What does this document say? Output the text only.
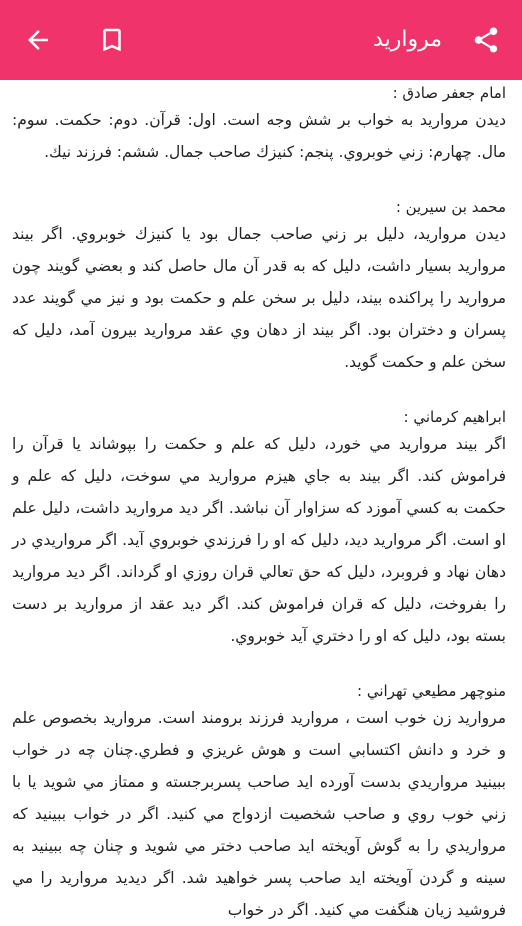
مروارید

امام جعفر صادق :

ديدن مرواريد به خواب بر شش وجه است. اول: قرآن. دوم: حكمت. سوم: مال. چهارم: زني خوبروي. پنجم: كنيزك صاحب جمال. ششم: فرزند نيك.

محمد بن سيرين :

ديدن مرواريد، دليل بر زني صاحب جمال بود يا كنيزك خوبروي. اگر بيند مرواريد بسيار داشت، دليل كه به قدر آن مال حاصل كند و بعضي گويند چون مرواريد را پراكنده بيند، دليل بر سخن علم و حكمت بود و نيز مي گويند عدد پسران و دختران بود. اگر بيند از دهان وي عقد مرواريد بيرون آمد، دليل كه سخن علم و حكمت گويد.

ابراهيم كرماني :

اگر بيند مرواريد مي خورد، دليل كه علم و حكمت را بپوشاند يا قرآن را فراموش كند. اگر بيند به جاي هيزم مرواريد مي سوخت، دليل كه علم و حكمت به كسي آموزد كه سزاوار آن نباشد. اگر ديد مرواريد داشت، دليل علم او است. اگر مرواريد ديد، دليل كه او را فرزندي خوبروي آيد. اگر مرواريدي در دهان نهاد و فروبرد، دليل كه حق تعالي قران روزي او گرداند. اگر ديد مرواريد را بفروخت، دليل كه قران فراموش كند. اگر ديد عقد از مرواريد بر دست بسته بود، دليل كه او را دختري آيد خوبروي.

منوچهر مطيعي تهراني :

مرواريد زن خوب است ، مرواريد فرزند برومند است. مرواريد بخصوص علم و خرد و دانش اكتسابي است و هوش غريزي و فطري.چنان چه در خواب ببينيد مرواريدي بدست آورده ايد صاحب پسربرجسته و ممتاز مي شويد يا با زني خوب روي و صاحب شخصيت ازدواج مي كنيد. اگر در خواب ببينيد كه مرواريدي را به گوش آويخته ايد صاحب دختر مي شويد و چنان چه ببينيد به سينه و گردن آويخته ايد صاحب پسر خواهيد شد. اگر ديديد مرواريد را مي فروشيد زيان هنگفت مي كنيد. اگر در خواب
